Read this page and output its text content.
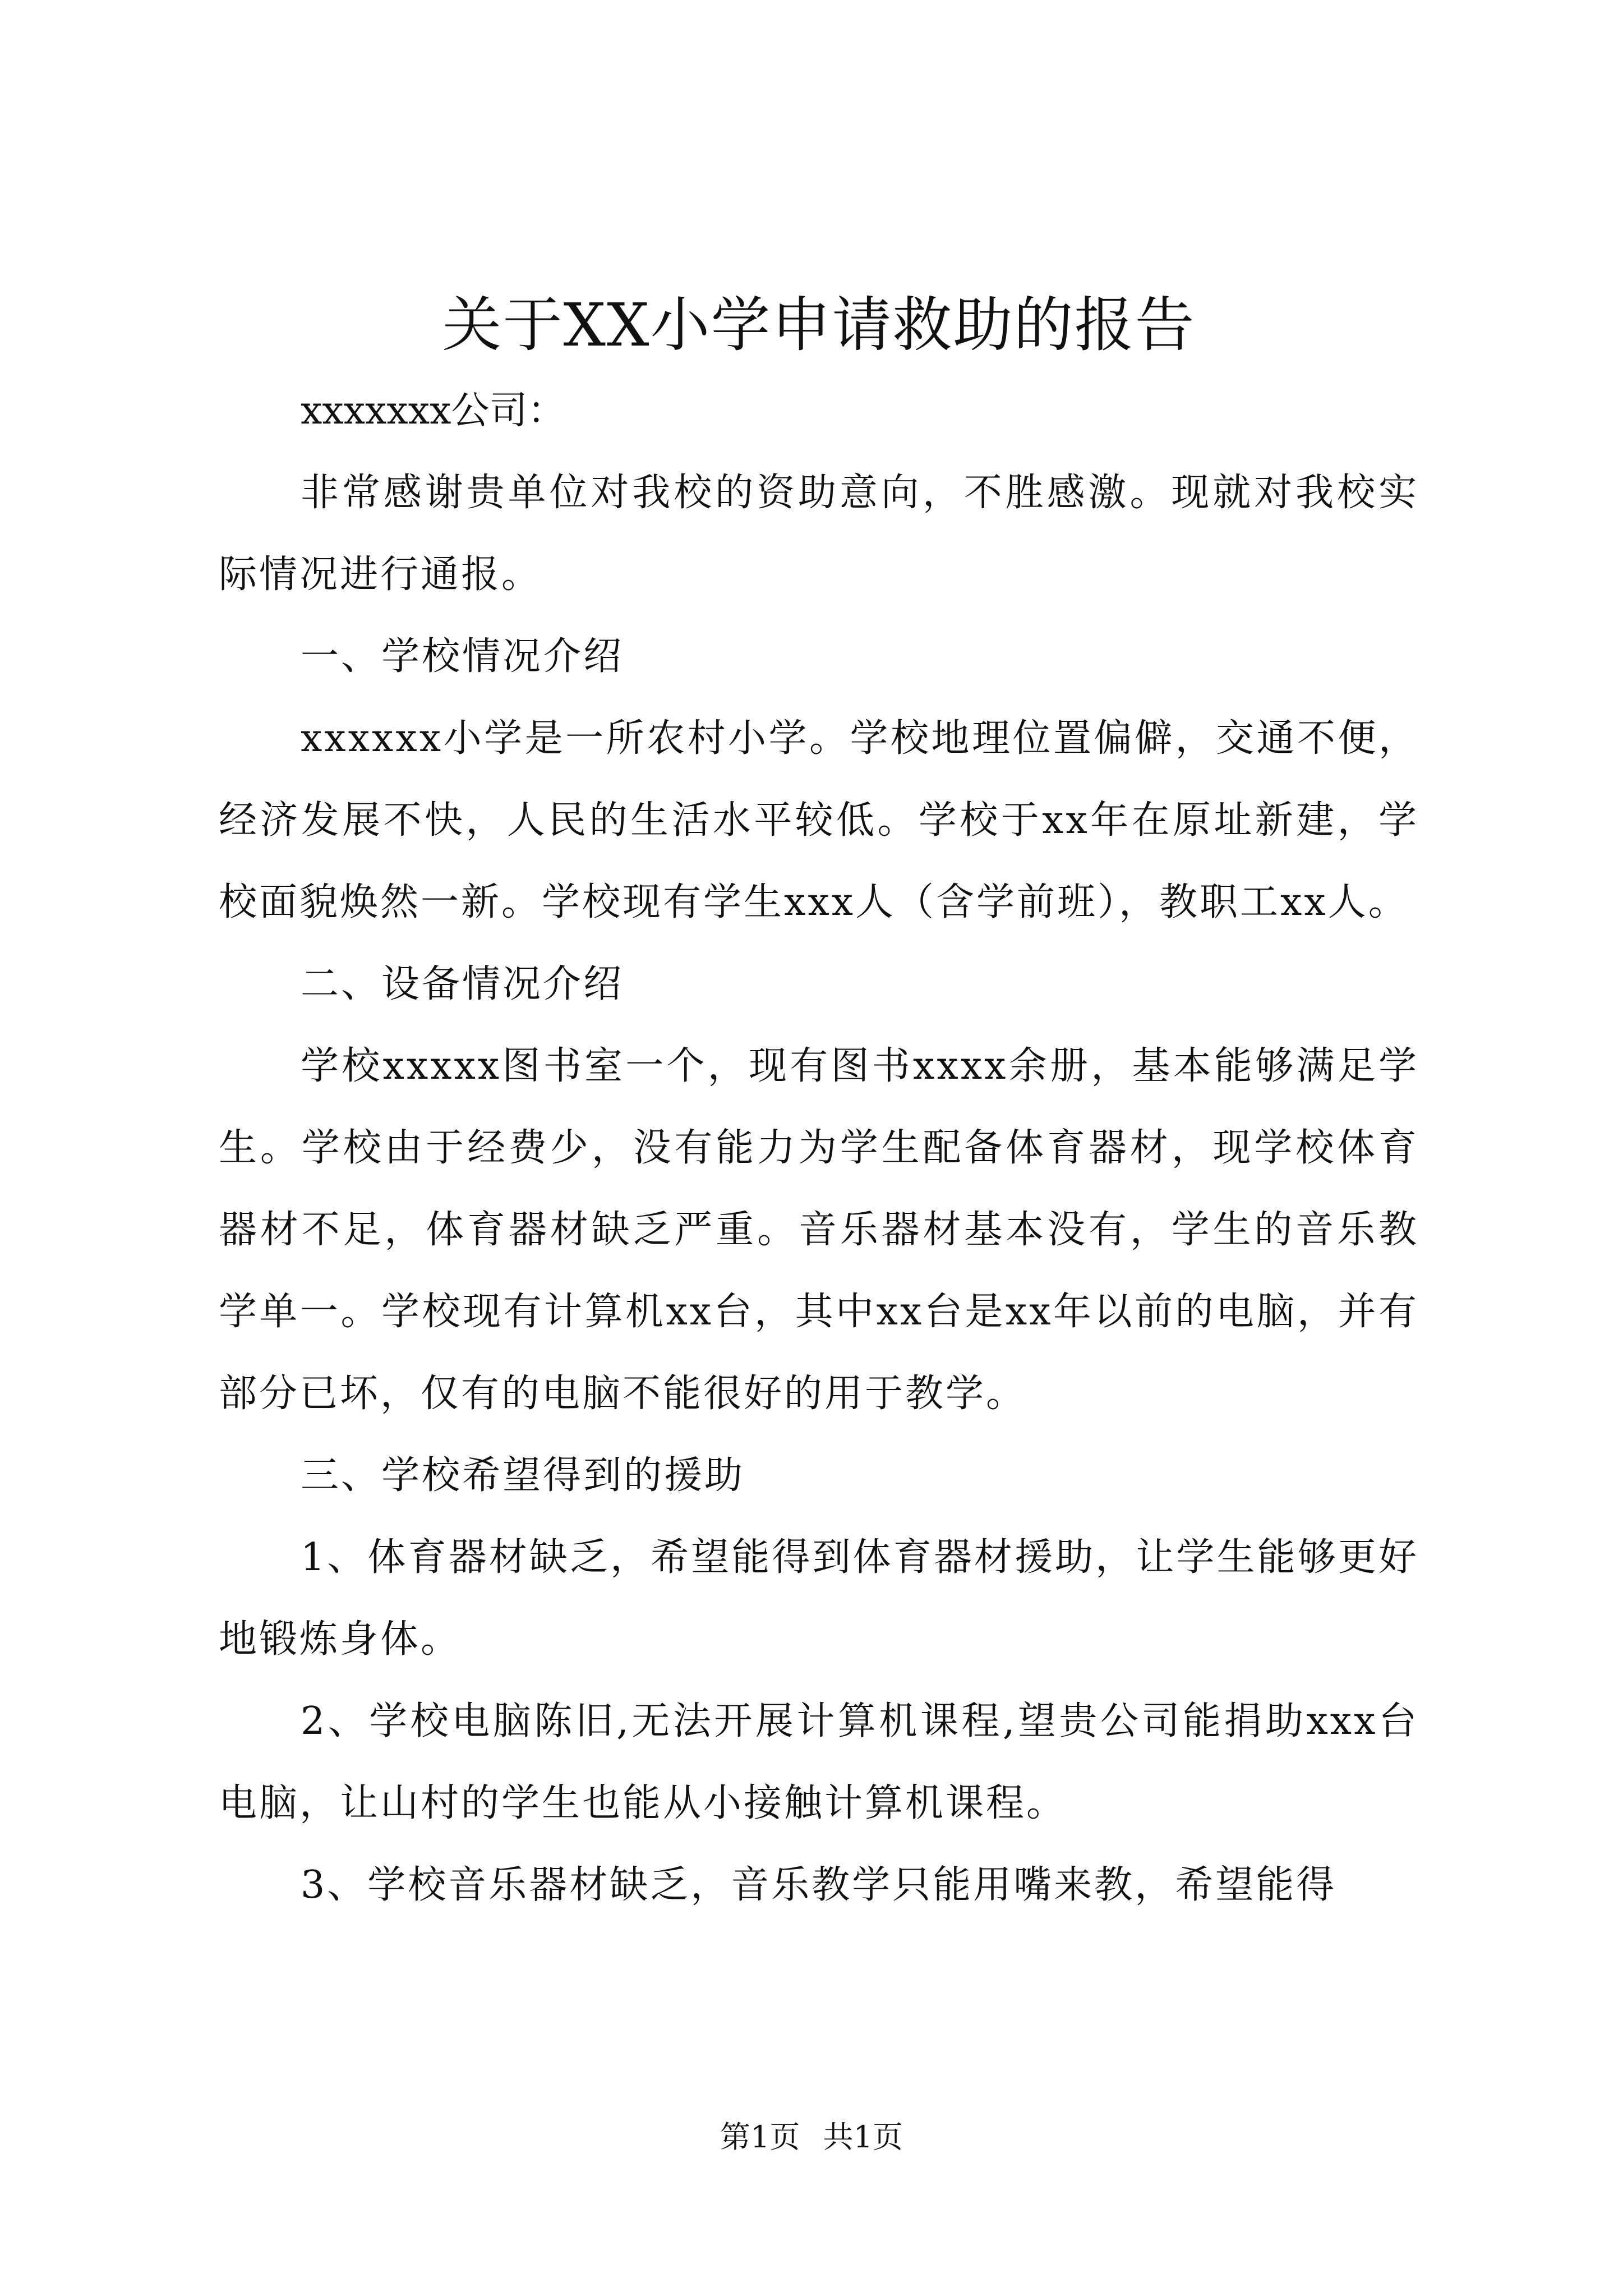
关于XX小学申请救助的报告

xxxxxxx公司：

非常感谢贵单位对我校的资助意向，不胜感激。现就对我校实际情况进行通报。

一、学校情况介绍

xxxxxx小学是一所农村小学。学校地理位置偏僻，交通不便，经济发展不快，人民的生活水平较低。学校于xx年在原址新建，学校面貌焕然一新。学校现有学生xxx人（含学前班），教职工xx人。

二、设备情况介绍

学校xxxxx图书室一个，现有图书xxxx余册，基本能够满足学生。学校由于经费少，没有能力为学生配备体育器材，现学校体育器材不足，体育器材缺乏严重。音乐器材基本没有，学生的音乐教学单一。学校现有计算机xx台，其中xx台是xx年以前的电脑，并有部分已坏，仅有的电脑不能很好的用于教学。

三、学校希望得到的援助

1、体育器材缺乏，希望能得到体育器材援助，让学生能够更好地锻炼身体。

2、学校电脑陈旧,无法开展计算机课程,望贵公司能捐助xxx台电脑，让山村的学生也能从小接触计算机课程。

3、学校音乐器材缺乏，音乐教学只能用嘴来教，希望能得

第1页 共1页
